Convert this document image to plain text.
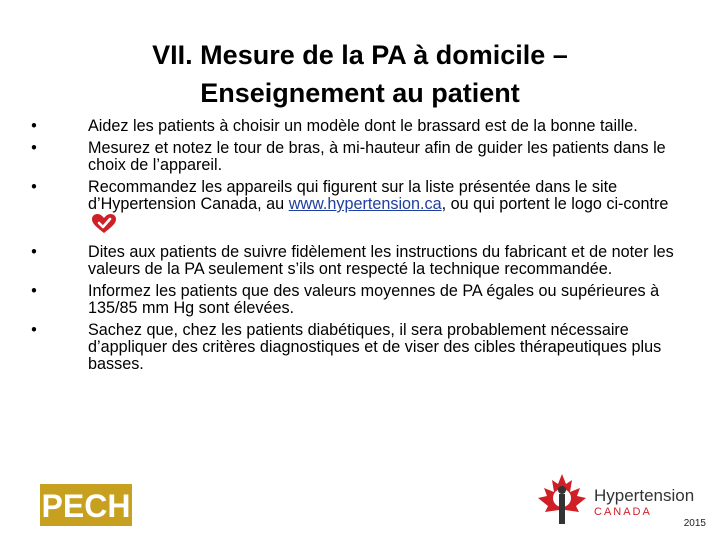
VII. Mesure de la PA à domicile –
Enseignement au patient
•	Aidez les patients à choisir un modèle dont le brassard est de la bonne taille.
•	Mesurez et notez le tour de bras, à mi-hauteur afin de guider les patients dans le choix de l’appareil.
•	Recommandez les appareils qui figurent sur la liste présentée dans le site d’Hypertension Canada, au www.hypertension.ca, ou qui portent le logo ci-contre
•	Dites aux patients de suivre fidèlement les instructions du fabricant et de noter les valeurs de la PA seulement s’ils ont respecté la technique recommandée.
•	Informez les patients que des valeurs moyennes de PA égales ou supérieures à 135/85 mm Hg sont élevées.
•	Sachez que, chez les patients diabétiques, il sera probablement nécessaire d’appliquer des critères diagnostiques et de viser des cibles thérapeutiques plus basses.
PECH	Hypertension
CANADA
2015
